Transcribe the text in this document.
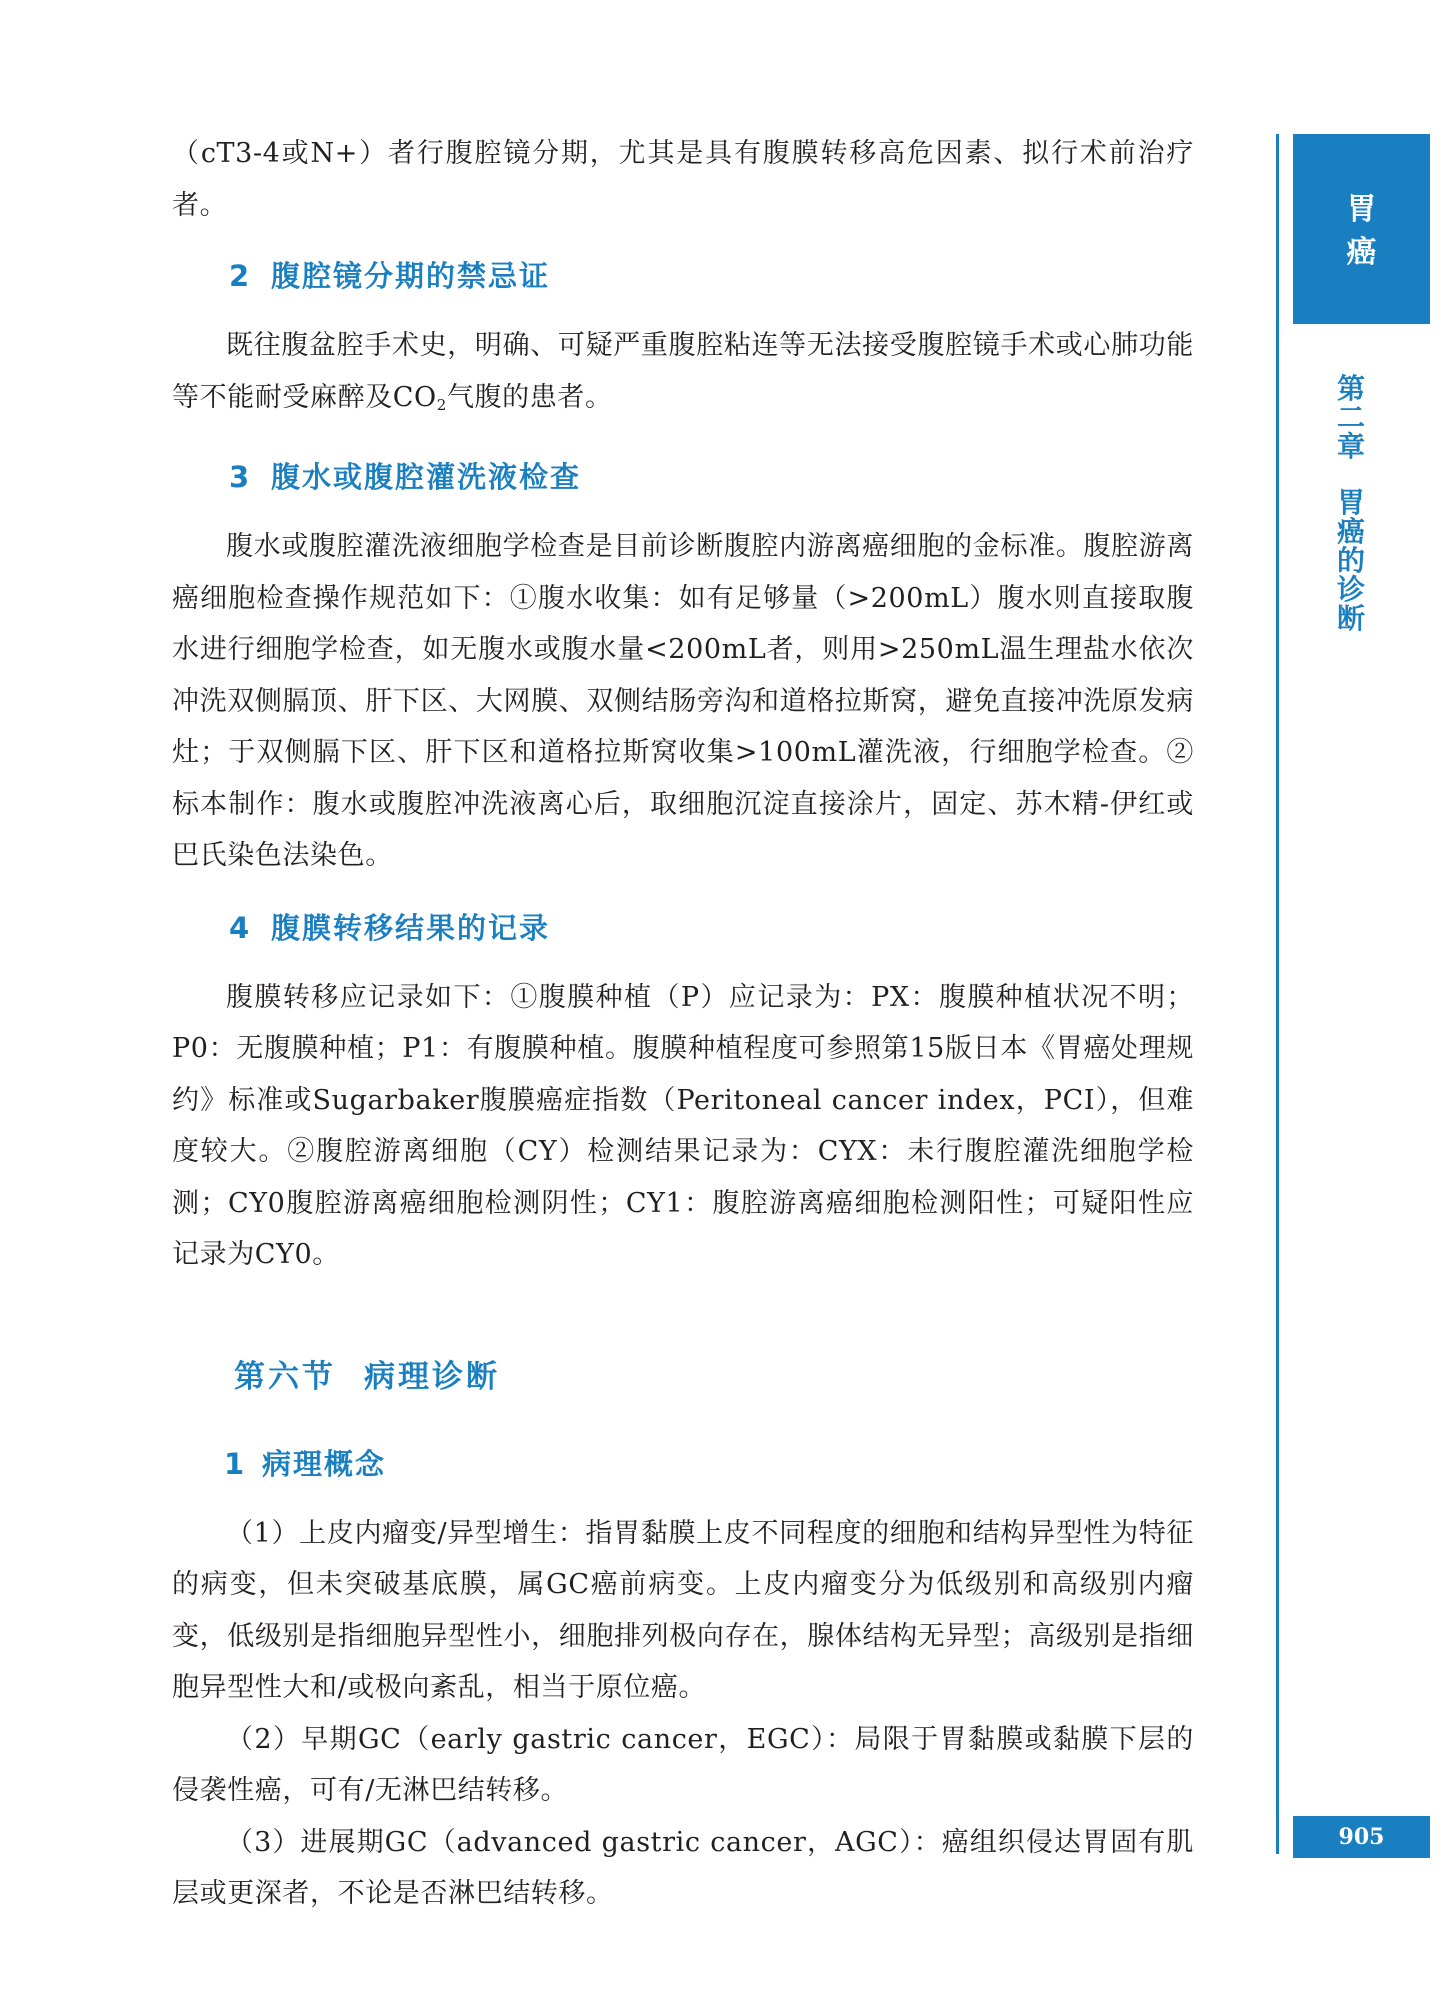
（cT3-4或N+）者行腹腔镜分期，尤其是具有腹膜转移高危因素、拟行术前治疗者。

2 腹腔镜分期的禁忌证

既往腹盆腔手术史，明确、可疑严重腹腔粘连等无法接受腹腔镜手术或心肺功能等不能耐受麻醉及$CO_2$气腹的患者。

3 腹水或腹腔灌洗液检查

腹水或腹腔灌洗液细胞学检查是目前诊断腹腔内游离癌细胞的金标准。腹腔游离癌细胞检查操作规范如下：①腹水收集：如有足够量（>200mL）腹水则直接取腹水进行细胞学检查，如无腹水或腹水量<200mL者，则用>250mL温生理盐水依次冲洗双侧膈顶、肝下区、大网膜、双侧结肠旁沟和道格拉斯窝，避免直接冲洗原发病灶；于双侧膈下区、肝下区和道格拉斯窝收集>100mL灌洗液，行细胞学检查。②标本制作：腹水或腹腔冲洗液离心后，取细胞沉淀直接涂片，固定、苏木精-伊红或巴氏染色法染色。

4 腹膜转移结果的记录

腹膜转移应记录如下：①腹膜种植（P）应记录为：PX：腹膜种植状况不明；P0：无腹膜种植；P1：有腹膜种植。腹膜种植程度可参照第15版日本《胃癌处理规约》标准或Sugarbaker腹膜癌症指数（Peritoneal cancer index，PCI），但难度较大。②腹腔游离细胞（CY）检测结果记录为：CYX：未行腹腔灌洗细胞学检测；CY0腹腔游离癌细胞检测阴性；CY1：腹腔游离癌细胞检测阳性；可疑阳性应记录为CY0。

第六节 病理诊断
1 病理概念

（1）上皮内瘤变/异型增生：指胃黏膜上皮不同程度的细胞和结构异型性为特征的病变，但未突破基底膜，属GC癌前病变。上皮内瘤变分为低级别和高级别内瘤变，低级别是指细胞异型性小，细胞排列极向存在，腺体结构无异型；高级别是指细胞异型性大和/或极向紊乱，相当于原位癌。

（2）早期GC（early gastric cancer，EGC）：局限于胃黏膜或黏膜下层的侵袭性癌，可有/无淋巴结转移。

（3）进展期GC（advanced gastric cancer，AGC）：癌组织侵达胃固有肌层或更深者，不论是否淋巴结转移。

胃
癌
第
二
章
胃
癌
的
诊
断
905
